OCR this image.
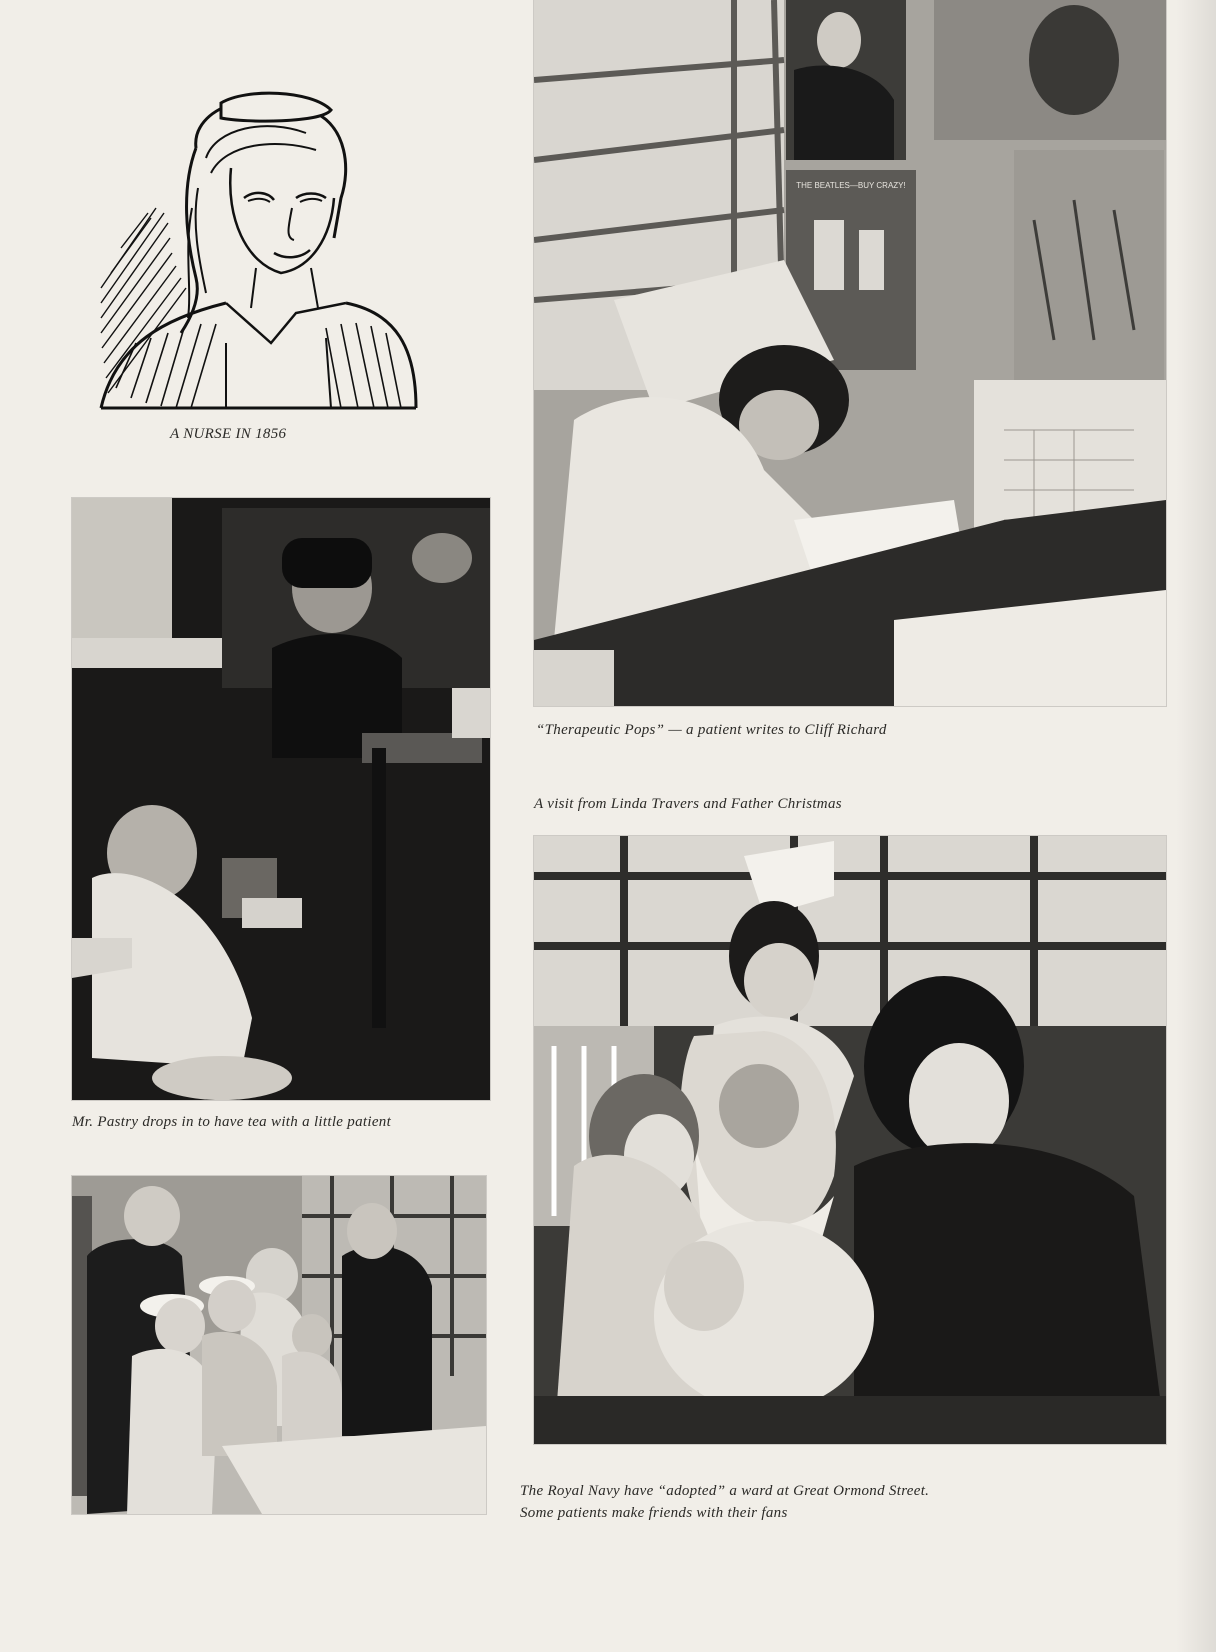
A NURSE IN 1856
Mr. Pastry drops in to have tea with a little patient
The Royal Navy have “adopted” a ward at Great Ormond Street.
Some patients make friends with their fans
THE BEATLES—BUY CRAZY!
“Therapeutic Pops” — a patient writes to Cliff Richard
A visit from Linda Travers and Father Christmas
